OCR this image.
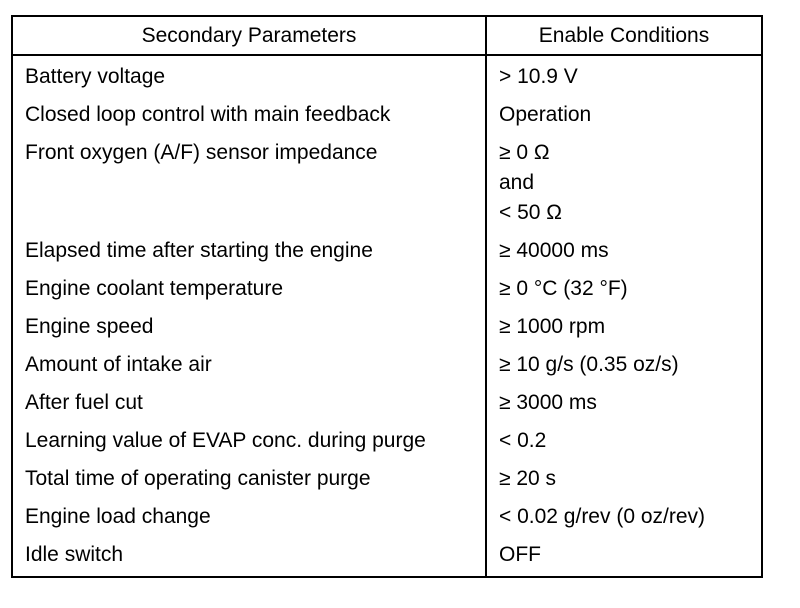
Secondary Parameters	Enable Conditions
Battery voltage	> 10.9 V

Closed loop control with main feedback	Operation

Front oxygen (A/F) sensor impedance	≥ 0 Ω
and
< 50 Ω

Elapsed time after starting the engine	≥ 40000 ms

Engine coolant temperature	≥ 0 °C (32 °F)

Engine speed	≥ 1000 rpm

Amount of intake air	≥ 10 g/s (0.35 oz/s)

After fuel cut	≥ 3000 ms

Learning value of EVAP conc. during purge	< 0.2

Total time of operating canister purge	≥ 20 s

Engine load change	< 0.02 g/rev (0 oz/rev)

Idle switch	OFF
